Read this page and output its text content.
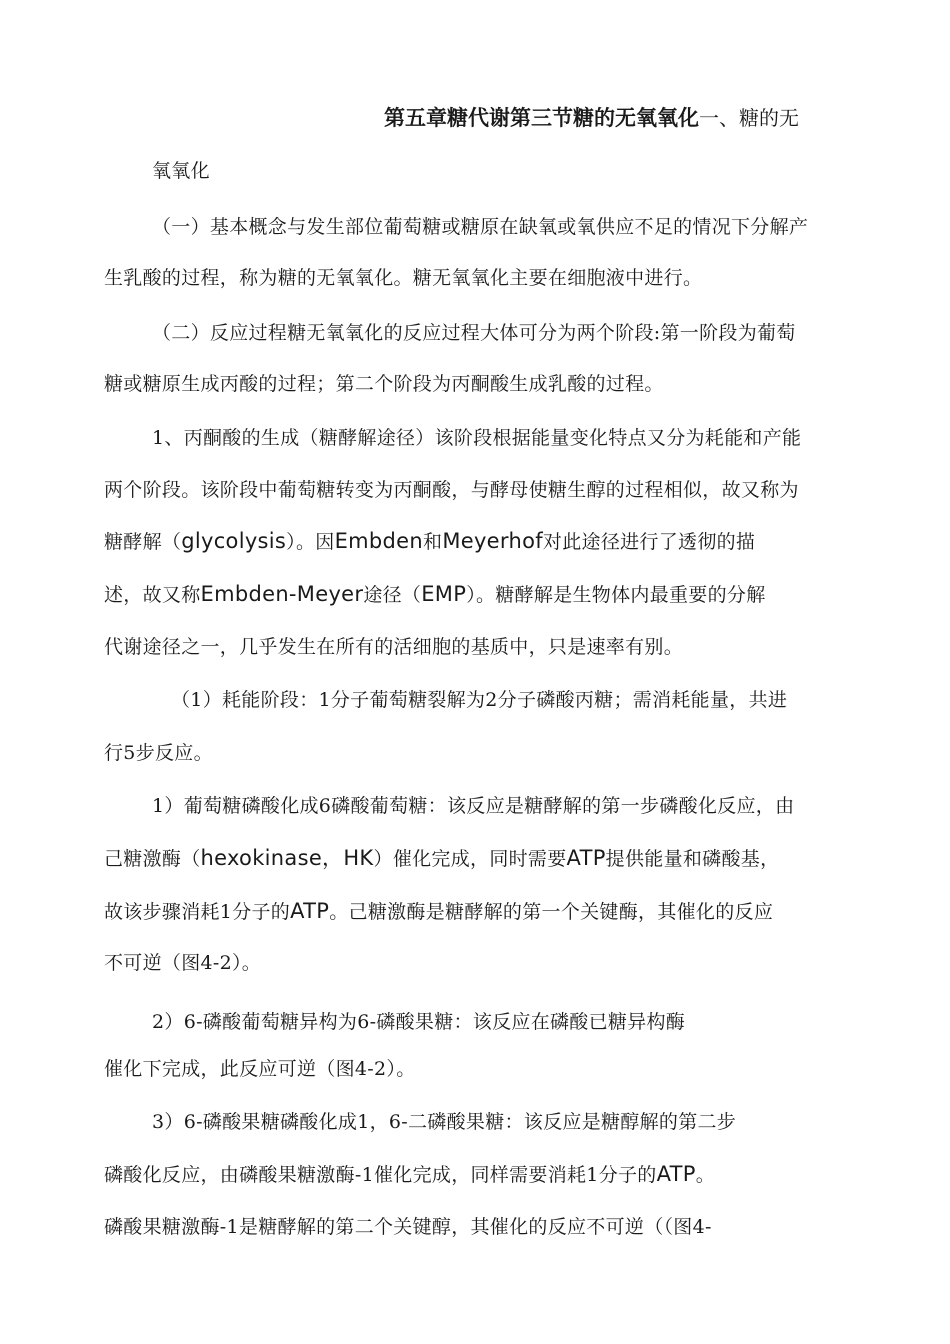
第五章糖代谢第三节糖的无氧氧化一、糖的无
氧氧化
（一）基本概念与发生部位葡萄糖或糖原在缺氧或氧供应不足的情况下分解产
生乳酸的过程，称为糖的无氧氧化。糖无氧氧化主要在细胞液中进行。
（二）反应过程糖无氧氧化的反应过程大体可分为两个阶段:第一阶段为葡萄
糖或糖原生成丙酸的过程；第二个阶段为丙酮酸生成乳酸的过程。
1、丙酮酸的生成（糖酵解途径）该阶段根据能量变化特点又分为耗能和产能
两个阶段。该阶段中葡萄糖转变为丙酮酸，与酵母使糖生醇的过程相似，故又称为
糖酵解（glycolysis）。因Embden和Meyerhof对此途径进行了透彻的描
述，故又称Embden-Meyer途径（EMP）。糖酵解是生物体内最重要的分解
代谢途径之一，几乎发生在所有的活细胞的基质中，只是速率有别。
（1）耗能阶段：1分子葡萄糖裂解为2分子磷酸丙糖；需消耗能量，共进
行5步反应。
1）葡萄糖磷酸化成6磷酸葡萄糖：该反应是糖酵解的第一步磷酸化反应，由
己糖激酶（hexokinase，HK）催化完成，同时需要ATP提供能量和磷酸基，
故该步骤消耗1分子的ATP。己糖激酶是糖酵解的第一个关键酶，其催化的反应
不可逆（图4-2）。
2）6-磷酸葡萄糖异构为6-磷酸果糖：该反应在磷酸已糖异构酶
催化下完成，此反应可逆（图4-2）。
3）6-磷酸果糖磷酸化成1，6-二磷酸果糖：该反应是糖醇解的第二步
磷酸化反应，由磷酸果糖激酶-1催化完成，同样需要消耗1分子的ATP。
磷酸果糖激酶-1是糖酵解的第二个关键醇，其催化的反应不可逆（（图4-
